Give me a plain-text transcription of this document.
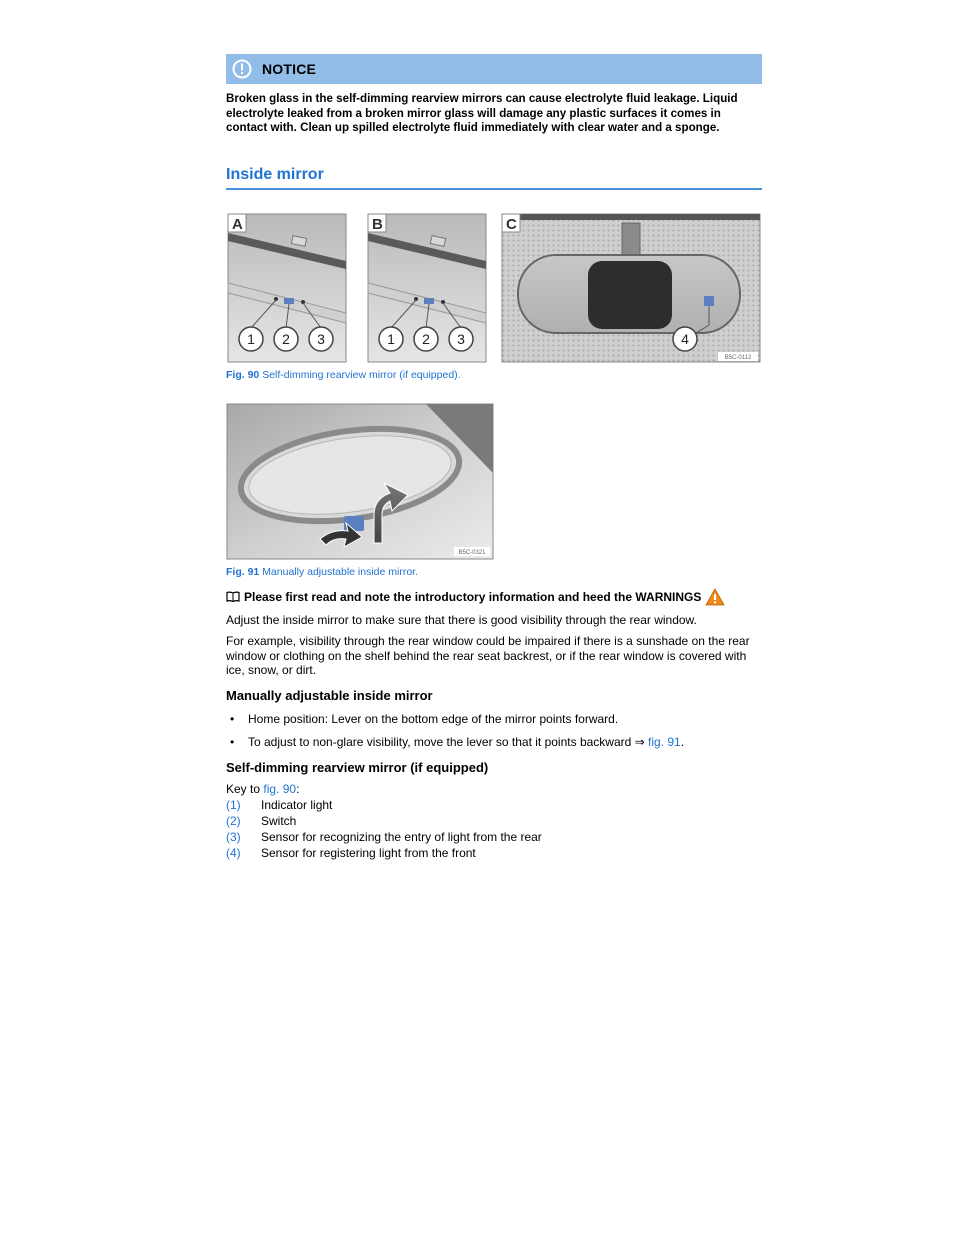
NOTICE
Broken glass in the self-dimming rearview mirrors can cause electrolyte fluid leakage. Liquid electrolyte leaked from a broken mirror glass will damage any plastic surfaces it comes in contact with. Clean up spilled electrolyte fluid immediately with clear water and a sponge.
Inside mirror
A
1 2 3
B
1 2 3
C
4
B5C-0112
Fig. 90 Self-dimming rearview mirror (if equipped).
B5C-0321
Fig. 91 Manually adjustable inside mirror.
Please first read and note the introductory information and heed the WARNINGS
Adjust the inside mirror to make sure that there is good visibility through the rear window.
For example, visibility through the rear window could be impaired if there is a sunshade on the rear window or clothing on the shelf behind the rear seat backrest, or if the rear window is covered with ice, snow, or dirt.
Manually adjustable inside mirror
•	Home position: Lever on the bottom edge of the mirror points forward.
•	To adjust to non-glare visibility, move the lever so that it points backward ⇒ fig. 91.
Self-dimming rearview mirror (if equipped)
Key to fig. 90:
(1)	Indicator light
(2)	Switch
(3)	Sensor for recognizing the entry of light from the rear
(4)	Sensor for registering light from the front
